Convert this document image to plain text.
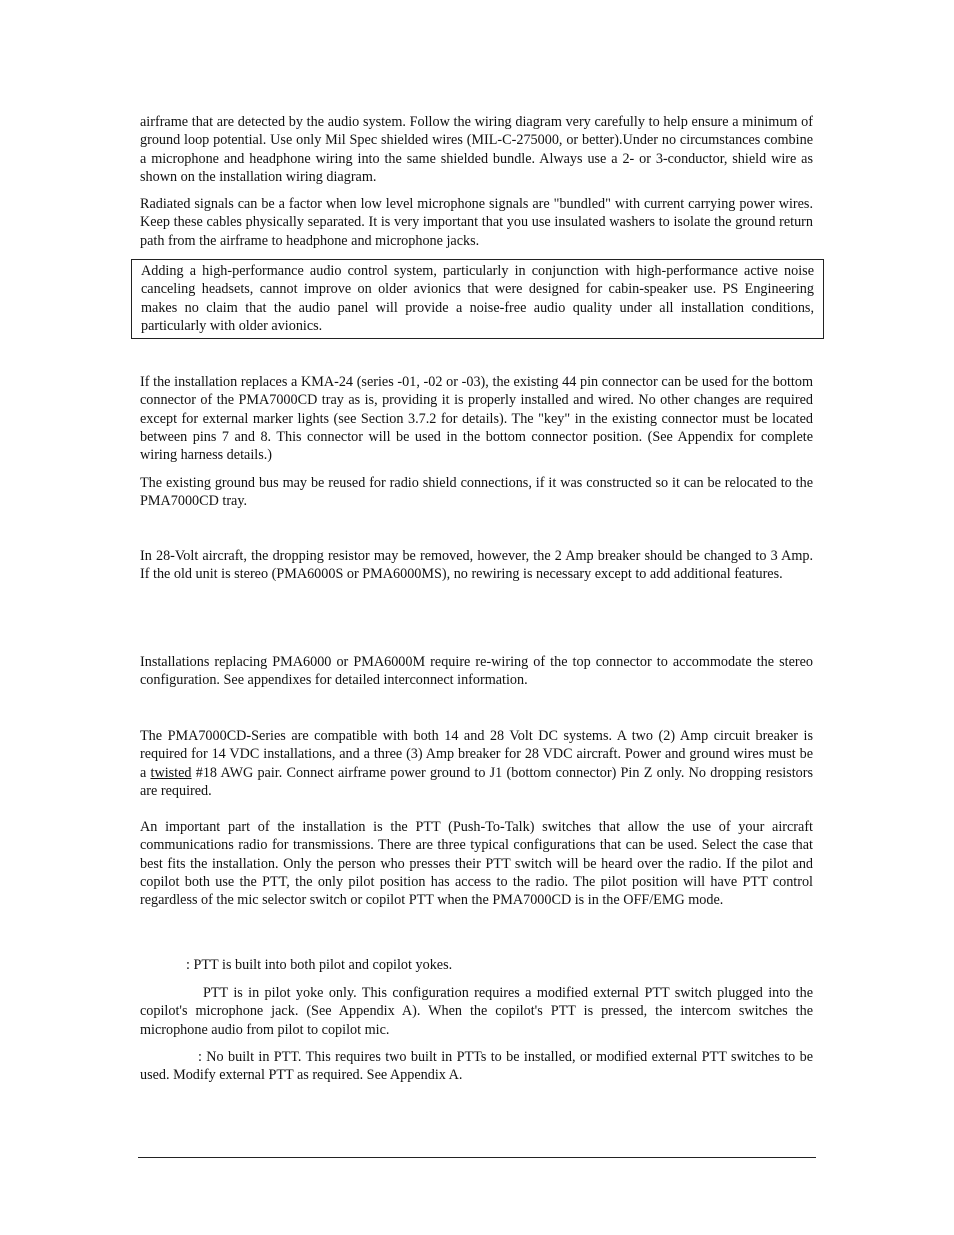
airframe that are detected by the audio system. Follow the wiring diagram very carefully to help ensure a minimum of ground loop potential. Use only Mil Spec shielded wires (MIL-C-275000, or better).Under no circumstances combine a microphone and headphone wiring into the same shielded bundle. Always use a 2- or 3-conductor, shield wire as shown on the installation wiring diagram.

Radiated signals can be a factor when low level microphone signals are "bundled" with current carrying power wires. Keep these cables physically separated. It is very important that you use insulated washers to isolate the ground return path from the airframe to headphone and microphone jacks.

Adding a high-performance audio control system, particularly in conjunction with high-performance active noise canceling headsets, cannot improve on older avionics that were designed for cabin-speaker use. PS Engineering makes no claim that the audio panel will provide a noise-free audio quality under all installation conditions, particularly with older avionics.

If the installation replaces a KMA-24 (series -01, -02 or -03), the existing 44 pin connector can be used for the bottom connector of the PMA7000CD tray as is, providing it is properly installed and wired. No other changes are required except for external marker lights (see Section 3.7.2 for details). The "key" in the existing connector must be located between pins 7 and 8. This connector will be used in the bottom connector position. (See Appendix for complete wiring harness details.)

The existing ground bus may be reused for radio shield connections, if it was constructed so it can be relocated to the PMA7000CD tray.

In 28-Volt aircraft, the dropping resistor may be removed, however, the 2 Amp breaker should be changed to 3 Amp. If the old unit is stereo (PMA6000S or PMA6000MS), no rewiring is necessary except to add additional features.

Installations replacing PMA6000 or PMA6000M require re-wiring of the top connector to accommodate the stereo configuration. See appendixes for detailed interconnect information.

The PMA7000CD-Series are compatible with both 14 and 28 Volt DC systems. A two (2) Amp circuit breaker is required for 14 VDC installations, and a three (3) Amp breaker for 28 VDC aircraft. Power and ground wires must be a twisted #18 AWG pair. Connect airframe power ground to J1 (bottom connector) Pin Z only. No dropping resistors are required.

An important part of the installation is the PTT (Push-To-Talk) switches that allow the use of your aircraft communications radio for transmissions. There are three typical configurations that can be used. Select the case that best fits the installation. Only the person who presses their PTT switch will be heard over the radio. If the pilot and copilot both use the PTT, the only pilot position has access to the radio. The pilot position will have PTT control regardless of the mic selector switch or copilot PTT when the PMA7000CD is in the OFF/EMG mode.

: PTT is built into both pilot and copilot yokes.

PTT is in pilot yoke only. This configuration requires a modified external PTT switch plugged into the copilot's microphone jack. (See Appendix A). When the copilot's PTT is pressed, the intercom switches the microphone audio from pilot to copilot mic.

: No built in PTT. This requires two built in PTTs to be installed, or modified external PTT switches to be used. Modify external PTT as required. See Appendix A.
